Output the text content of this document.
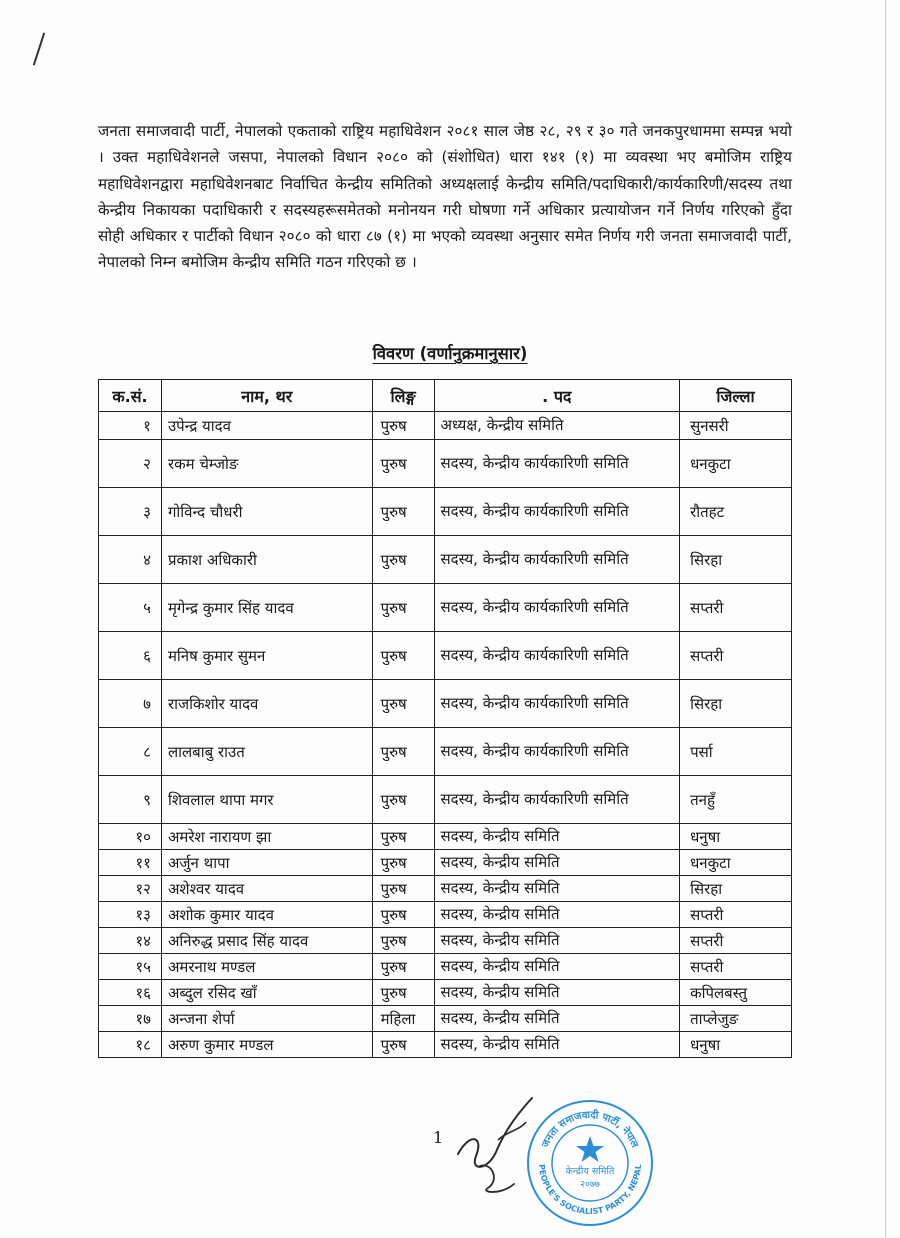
जनता समाजवादी पार्टी, नेपालको एकताको राष्ट्रिय महाधिवेशन २०८१ साल जेष्ठ २८, २९ र ३० गते जनकपुरधाममा सम्पन्न भयो । उक्त महाधिवेशनले जसपा, नेपालको विधान २०८० को (संशोधित) धारा १४१ (१) मा व्यवस्था भए बमोजिम राष्ट्रिय महाधिवेशनद्वारा महाधिवेशनबाट निर्वाचित केन्द्रीय समितिको अध्यक्षलाई केन्द्रीय समिति/पदाधिकारी/कार्यकारिणी/सदस्य तथा केन्द्रीय निकायका पदाधिकारी र सदस्यहरूसमेतको मनोनयन गरी घोषणा गर्ने अधिकार प्रत्यायोजन गर्ने निर्णय गरिएको हुँदा सोही अधिकार र पार्टीको विधान २०८० को धारा ८७ (१) मा भएको व्यवस्था अनुसार समेत निर्णय गरी जनता समाजवादी पार्टी, नेपालको निम्न बमोजिम केन्द्रीय समिति गठन गरिएको छ ।

विवरण (वर्णानुक्रमानुसार)
क.सं.	नाम, थर	लिङ्ग	. पद	जिल्ला
१	उपेन्द्र यादव	पुरुष	अध्यक्ष, केन्द्रीय समिति	सुनसरी
२	रकम चेम्जोङ	पुरुष	सदस्य, केन्द्रीय कार्यकारिणी समिति	धनकुटा
३	गोविन्द चौधरी	पुरुष	सदस्य, केन्द्रीय कार्यकारिणी समिति	रौतहट
४	प्रकाश अधिकारी	पुरुष	सदस्य, केन्द्रीय कार्यकारिणी समिति	सिरहा
५	मृगेन्द्र कुमार सिंह यादव	पुरुष	सदस्य, केन्द्रीय कार्यकारिणी समिति	सप्तरी
६	मनिष कुमार सुमन	पुरुष	सदस्य, केन्द्रीय कार्यकारिणी समिति	सप्तरी
७	राजकिशोर यादव	पुरुष	सदस्य, केन्द्रीय कार्यकारिणी समिति	सिरहा
८	लालबाबु राउत	पुरुष	सदस्य, केन्द्रीय कार्यकारिणी समिति	पर्सा
९	शिवलाल थापा मगर	पुरुष	सदस्य, केन्द्रीय कार्यकारिणी समिति	तनहुँ
१०	अमरेश नारायण झा	पुरुष	सदस्य, केन्द्रीय समिति	धनुषा
११	अर्जुन थापा	पुरुष	सदस्य, केन्द्रीय समिति	धनकुटा
१२	अशेश्वर यादव	पुरुष	सदस्य, केन्द्रीय समिति	सिरहा
१३	अशोक कुमार यादव	पुरुष	सदस्य, केन्द्रीय समिति	सप्तरी
१४	अनिरुद्ध प्रसाद सिंह यादव	पुरुष	सदस्य, केन्द्रीय समिति	सप्तरी
१५	अमरनाथ मण्डल	पुरुष	सदस्य, केन्द्रीय समिति	सप्तरी
१६	अब्दुल रसिद खाँ	पुरुष	सदस्य, केन्द्रीय समिति	कपिलबस्तु
१७	अन्जना शेर्पा	महिला	सदस्य, केन्द्रीय समिति	ताप्लेजुङ
१८	अरुण कुमार मण्डल	पुरुष	सदस्य, केन्द्रीय समिति	धनुषा
1	जनता समाजवादी पार्टी, नेपाल
PEOPLE'S SOCIALIST PARTY, NEPAL
केन्द्रीय समिति
२०७७
